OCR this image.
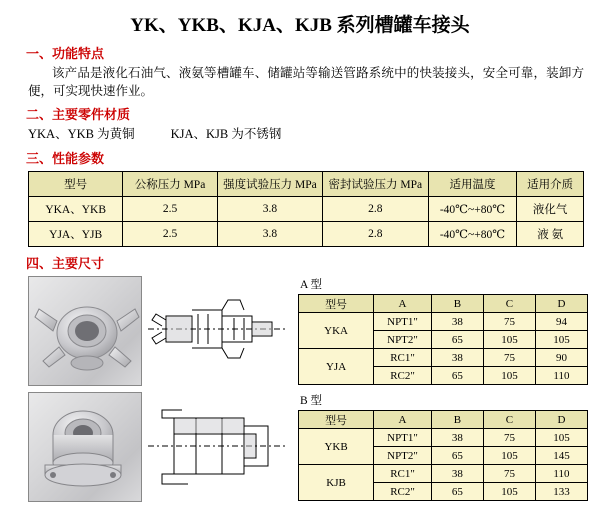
YK、YKB、KJA、KJB 系列槽罐车接头
一、功能特点
该产品是液化石油气、液氨等槽罐车、储罐站等输送管路系统中的快装接头，安全可靠，装卸方便，可实现快速作业。
二、主要零件材质
YKA、YKB 为黄铜	KJA、KJB 为不锈钢
三、性能参数
型号	公称压力 MPa	强度试验压力 MPa	密封试验压力 MPa	适用温度	适用介质
YKA、YKB	2.5	3.8	2.8	-40℃~+80℃	液化气
YJA、YJB	2.5	3.8	2.8	-40℃~+80℃	液 氨
四、主要尺寸
A 型
型号	A	B	C	D
YKA	NPT1"	38	75	94
	NPT2"	65	105	105
YJA	RC1"	38	75	90
	RC2"	65	105	110
B 型
型号	A	B	C	D
YKB	NPT1"	38	75	105
	NPT2"	65	105	145
KJB	RC1"	38	75	110
	RC2"	65	105	133
